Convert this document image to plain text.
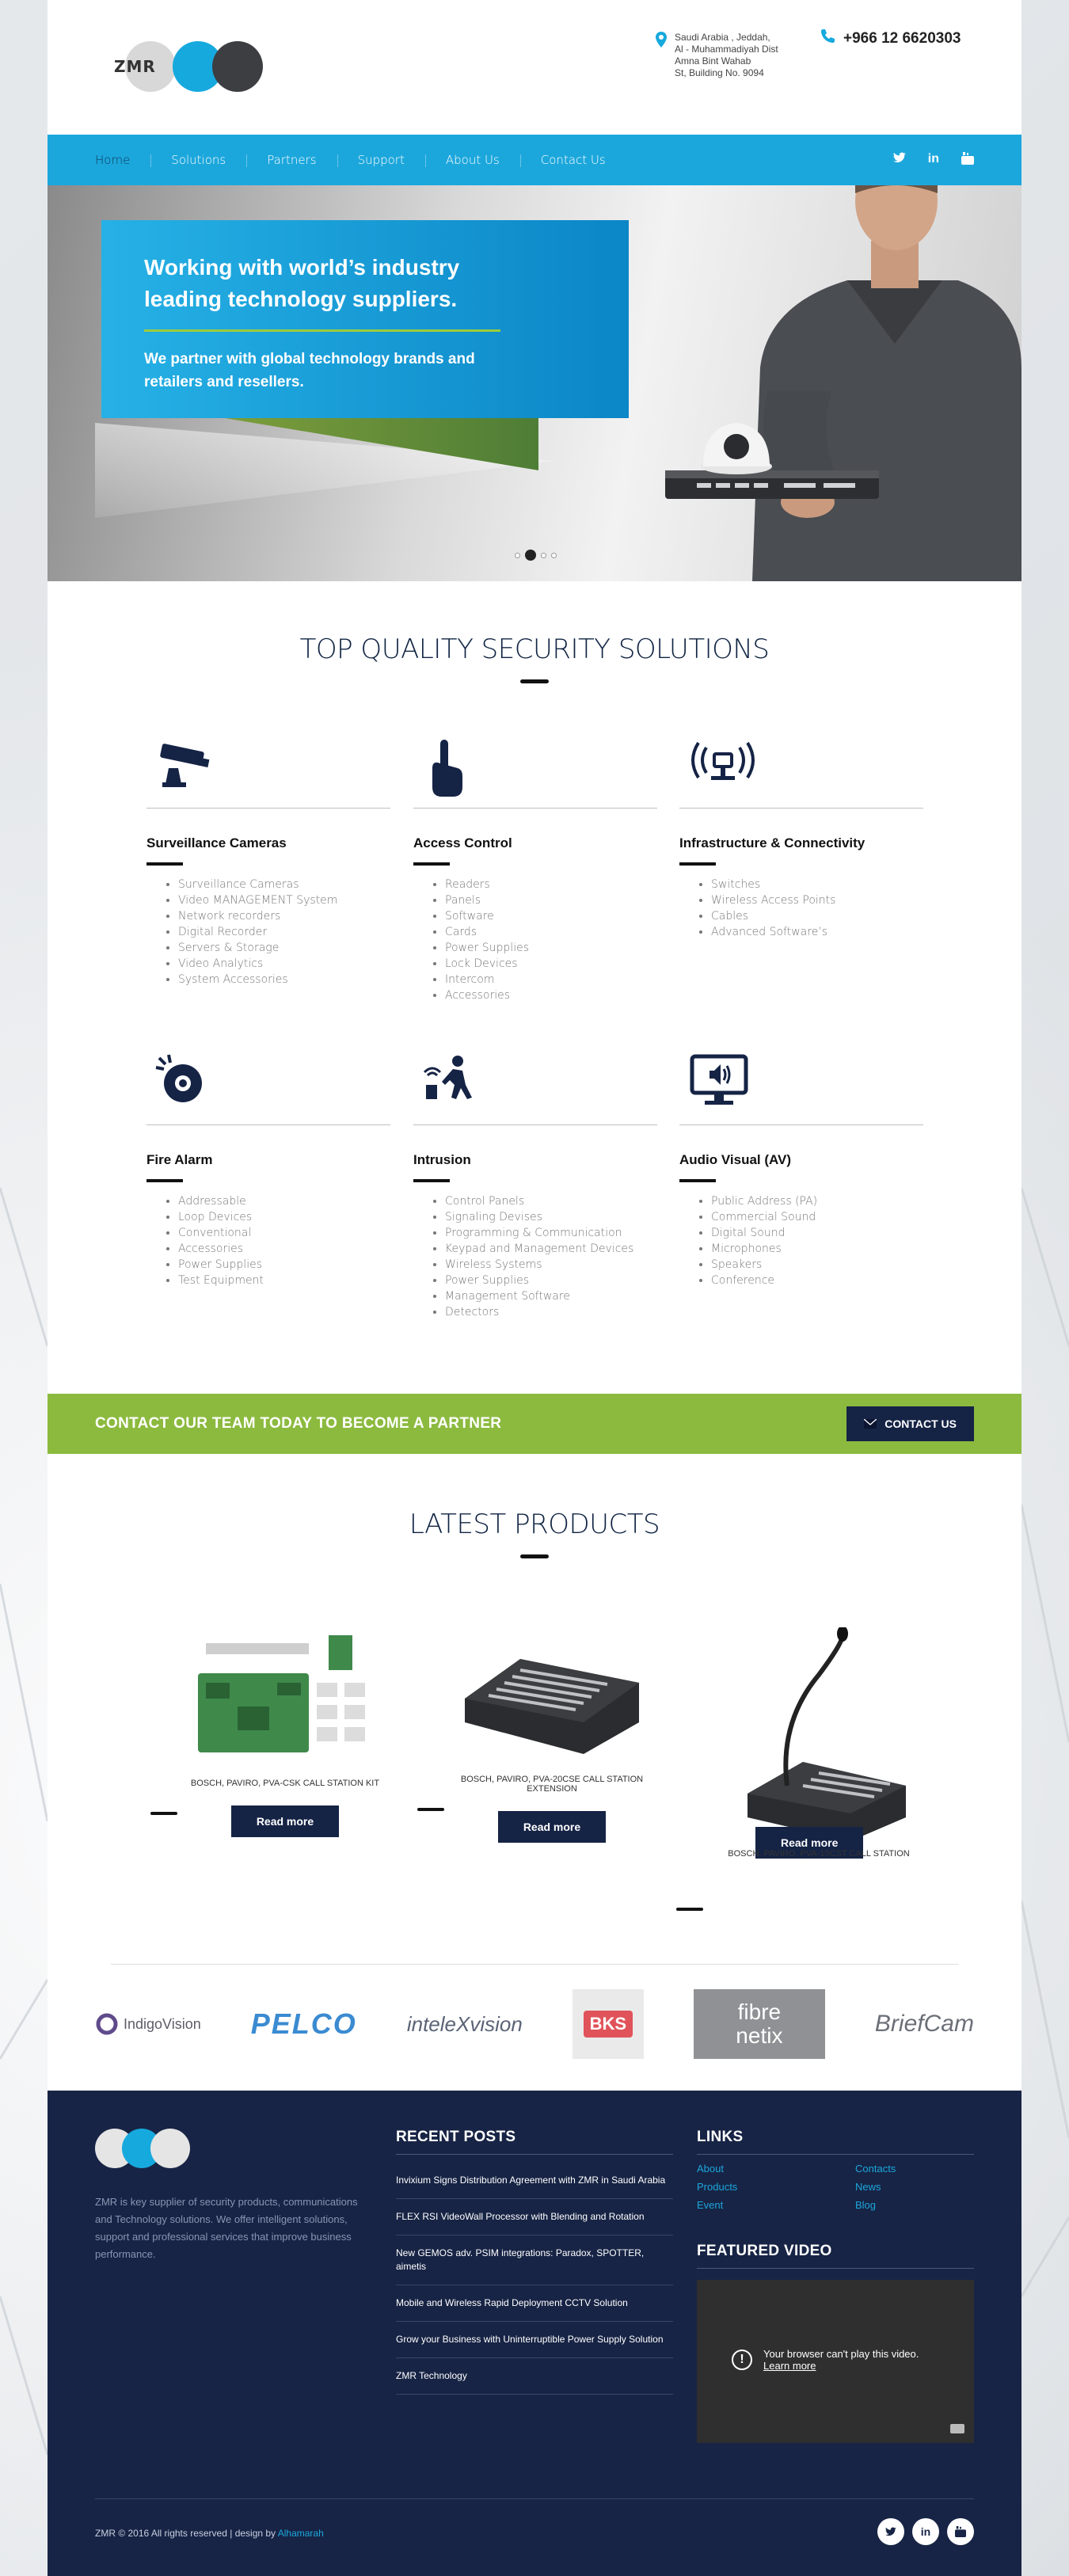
ZMR
Saudi Arabia , Jeddah,
Al - Muhammadiyah Dist
Amna Bint Wahab
St, Building No. 9094
+966 12 6620303
Home	Solutions	Partners	Support	About Us	Contact Us	in
Working with world’s industry
leading technology suppliers.

We partner with global technology brands and
retailers and resellers.

TOP QUALITY SECURITY SOLUTIONS
Surveillance Cameras
• Surveillance Cameras
• Video MANAGEMENT System
• Network recorders
• Digital Recorder
• Servers & Storage
• Video Analytics
• System Accessories
Access Control
• Readers
• Panels
• Software
• Cards
• Power Supplies
• Lock Devices
• Intercom
• Accessories
Infrastructure & Connectivity
• Switches
• Wireless Access Points
• Cables
• Advanced Software’s
Fire Alarm
• Addressable
• Loop Devices
• Conventional
• Accessories
• Power Supplies
• Test Equipment
Intrusion
• Control Panels
• Signaling Devises
• Programming & Communication
• Keypad and Management Devices
• Wireless Systems
• Power Supplies
• Management Software
• Detectors
Audio Visual (AV)
• Public Address (PA)
• Commercial Sound
• Digital Sound
• Microphones
• Speakers
• Conference
CONTACT OUR TEAM TODAY TO BECOME A PARTNER	CONTACT US
LATEST PRODUCTS
BOSCH, PAVIRO, PVA-CSK CALL STATION KIT
Read more
BOSCH, PAVIRO, PVA-20CSE CALL STATION EXTENSION
Read more
Read more
BOSCH, PAVIRO, PVA-15CST CALL STATION
IndigoVision PELCO inteleXvision	BKS	fibre netix	BriefCam

ZMR is key supplier of security products, communications and Technology solutions. We offer intelligent solutions, support and professional services that improve business performance.

RECENT POSTS
Invixium Signs Distribution Agreement with ZMR in Saudi Arabia
FLEX RSI VideoWall Processor with Blending and Rotation
New GEMOS adv. PSIM integrations: Paradox, SPOTTER, aimetis
Mobile and Wireless Rapid Deployment CCTV Solution
Grow your Business with Uninterruptible Power Supply Solution
ZMR Technology
LINKS
About	Contacts
Products	News
Event	Blog
FEATURED VIDEO
!	Your browser can't play this video.
Learn more
ZMR © 2016 All rights reserved | design by Alhamarah	in
